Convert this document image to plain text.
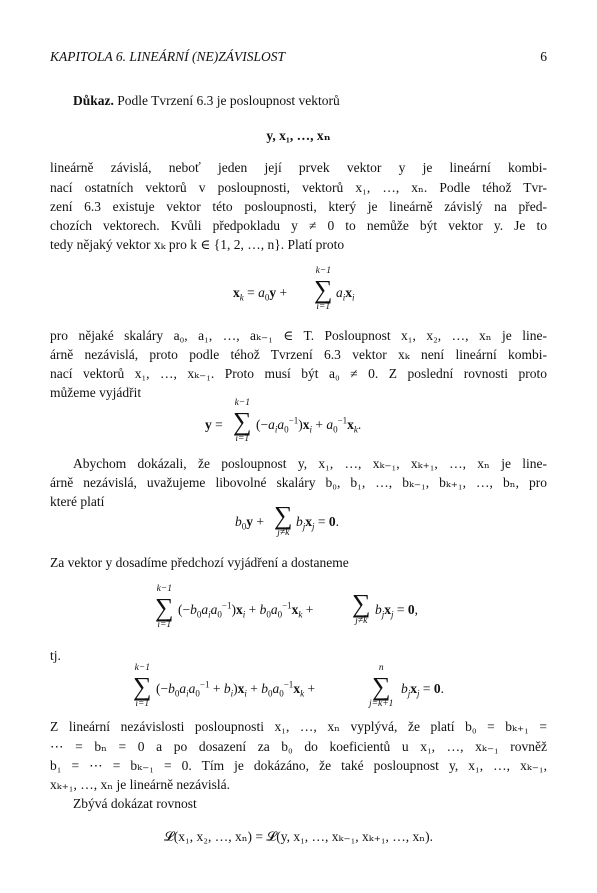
KAPITOLA 6. LINEÁRNÍ (NE)ZÁVISLOST	6
Důkaz. Podle Tvrzení 6.3 je posloupnost vektorů
y, x₁, …, xₙ
lineárně závislá, neboť jeden její prvek vektor y je lineární kombi-
nací ostatních vektorů v posloupnosti, vektorů x₁, …, xₙ. Podle téhož Tvr-
zení 6.3 existuje vektor této posloupnosti, který je lineárně závislý na před-
chozích vektorech. Kvůli předpokladu y ≠ 0 to nemůže být vektor y. Je to
tedy nějaký vektor xₖ pro k ∈ {1, 2, …, n}. Platí proto
$x_k = a_0y$ +
k−1
∑
i=1
$a_ix_i$
pro nějaké skaláry a₀, a₁, …, aₖ₋₁ ∈ T. Posloupnost x₁, x₂, …, xₙ je line-
árně nezávislá, proto podle téhož Tvrzení 6.3 vektor xₖ není lineární kombi-
nací vektorů x₁, …, xₖ₋₁. Proto musí být a₀ ≠ 0. Z poslední rovnosti proto
můžeme vyjádřit
y =
k−1
∑
i=1
$(-a_ia_0^{-1})x_i + a_0^{-1}x_k$.
Abychom dokázali, že posloupnost y, x₁, …, xₖ₋₁, xₖ₊₁, …, xₙ je line-
árně nezávislá, uvažujeme libovolné skaláry b₀, b₁, …, bₖ₋₁, bₖ₊₁, …, bₙ, pro
které platí
$b_0y$ + ∑
j≠k
$b_jx_j = 0$.
Za vektor y dosadíme předchozí vyjádření a dostaneme
k−1
∑
i=1
$(-b_0a_ia_0^{-1})x_i + b_0a_0^{-1}x_k$ + ∑
j≠k
$b_jx_j = 0$,
tj.
k−1
∑
i=1
$(-b_0a_ia_0^{-1} + b_i)x_i + b_0a_0^{-1}x_k$ +
n
∑
j=k+1
$b_jx_j = 0$.
Z lineární nezávislosti posloupnosti x₁, …, xₙ vyplývá, že platí b₀ = bₖ₊₁ =
⋯ = bₙ = 0 a po dosazení za b₀ do koeficientů u x₁, …, xₖ₋₁ rovněž
b₁ = ⋯ = bₖ₋₁ = 0. Tím je dokázáno, že také posloupnost y, x₁, …, xₖ₋₁,
xₖ₊₁, …, xₙ je lineárně nezávislá.
Zbývá dokázat rovnost
𝓛(x₁, x₂, …, xₙ) = 𝓛(y, x₁, …, xₖ₋₁, xₖ₊₁, …, xₙ).
